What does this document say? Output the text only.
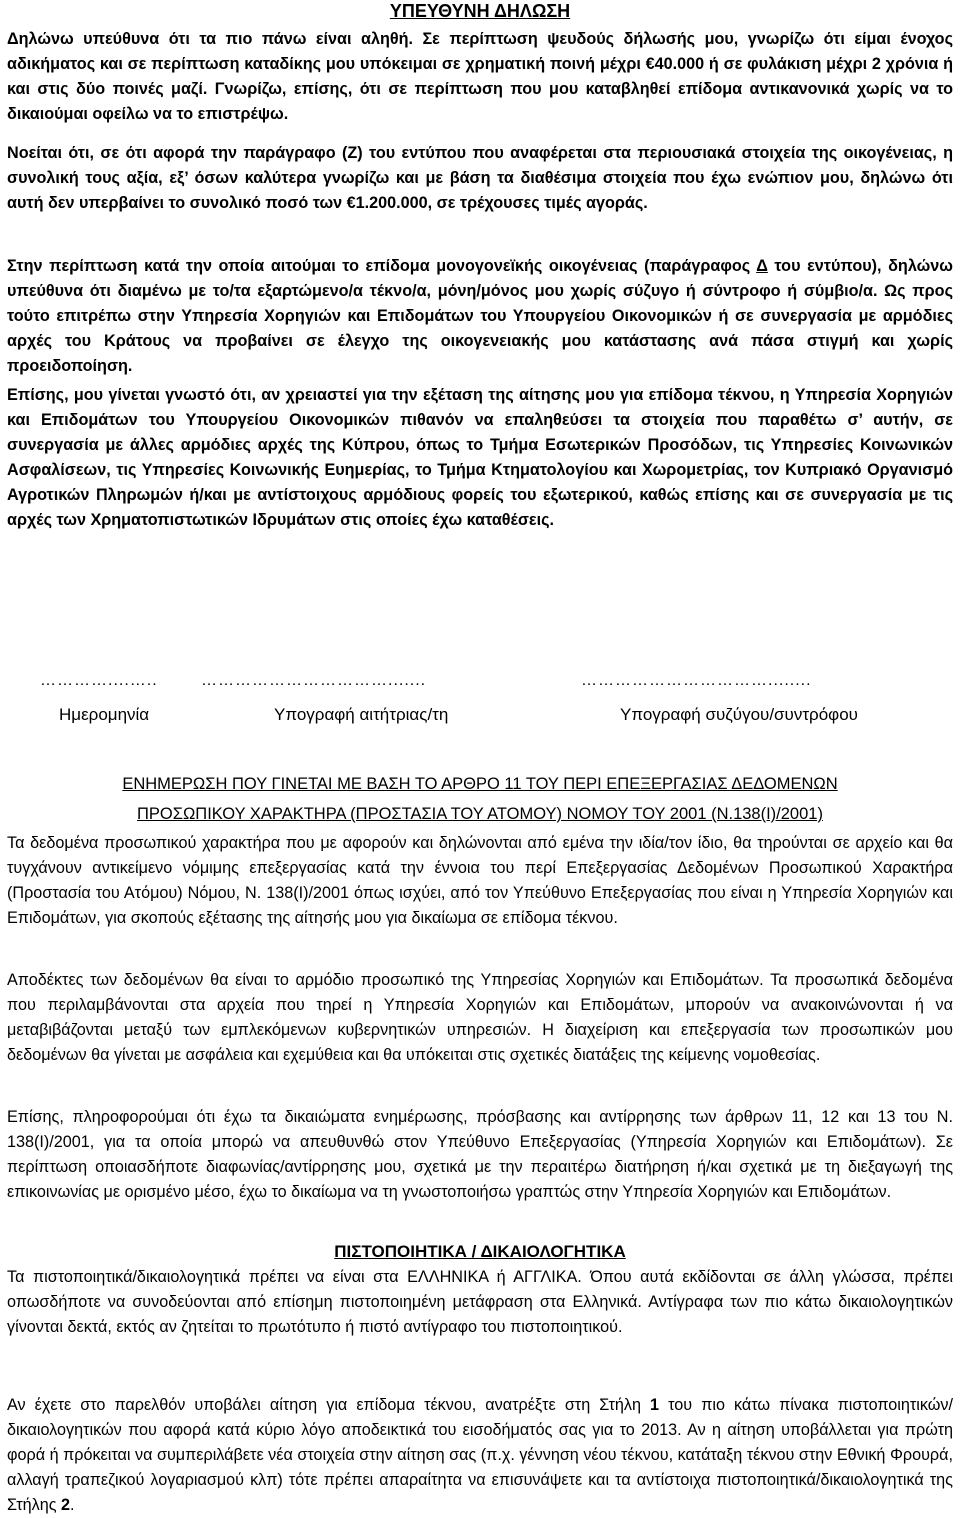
ΥΠΕΥΘΥΝΗ ΔΗΛΩΣΗ

Δηλώνω υπεύθυνα ότι τα πιο πάνω είναι αληθή. Σε περίπτωση ψευδούς δήλωσής μου, γνωρίζω ότι είμαι ένοχος αδικήματος και σε περίπτωση καταδίκης μου υπόκειμαι σε χρηματική ποινή μέχρι €40.000 ή σε φυλάκιση μέχρι 2 χρόνια ή και στις δύο ποινές μαζί. Γνωρίζω, επίσης, ότι σε περίπτωση που μου καταβληθεί επίδομα αντικανονικά χωρίς να το δικαιούμαι οφείλω να το επιστρέψω.

Νοείται ότι, σε ότι αφορά την παράγραφο (Ζ) του εντύπου που αναφέρεται στα περιουσιακά στοιχεία της οικογένειας, η συνολική τους αξία, εξ’ όσων καλύτερα γνωρίζω και με βάση τα διαθέσιμα στοιχεία που έχω ενώπιον μου, δηλώνω ότι αυτή δεν υπερβαίνει το συνολικό ποσό των €1.200.000, σε τρέχουσες τιμές αγοράς.

Στην περίπτωση κατά την οποία αιτούμαι το επίδομα μονογονεϊκής οικογένειας (παράγραφος Δ του εντύπου), δηλώνω υπεύθυνα ότι διαμένω με το/τα εξαρτώμενο/α τέκνο/α, μόνη/μόνος μου χωρίς σύζυγο ή σύντροφο ή σύμβιο/α. Ως προς τούτο επιτρέπω στην Υπηρεσία Χορηγιών και Επιδομάτων του Υπουργείου Οικονομικών ή σε συνεργασία με αρμόδιες αρχές του Κράτους να προβαίνει σε έλεγχο της οικογενειακής μου κατάστασης ανά πάσα στιγμή και χωρίς προειδοποίηση.

Επίσης, μου γίνεται γνωστό ότι, αν χρειαστεί για την εξέταση της αίτησης μου για επίδομα τέκνου, η Υπηρεσία Χορηγιών και Επιδομάτων του Υπουργείου Οικονομικών πιθανόν να επαληθεύσει τα στοιχεία που παραθέτω σ’ αυτήν, σε συνεργασία με άλλες αρμόδιες αρχές της Κύπρου, όπως το Τμήμα Εσωτερικών Προσόδων, τις Υπηρεσίες Κοινωνικών Ασφαλίσεων, τις Υπηρεσίες Κοινωνικής Ευημερίας, το Τμήμα Κτηματολογίου και Χωρομετρίας, τον Κυπριακό Οργανισμό Αγροτικών Πληρωμών ή/και με αντίστοιχους αρμόδιους φορείς του εξωτερικού, καθώς επίσης και σε συνεργασία με τις αρχές των Χρηματοπιστωτικών Ιδρυμάτων στις οποίες έχω καταθέσεις.

…………....…..	…………………………….......	……………………………........
Ημερομηνία	Υπογραφή αιτήτριας/τη	Υπογραφή συζύγου/συντρόφου
ΕΝΗΜΕΡΩΣΗ ΠΟΥ ΓΙΝΕΤΑΙ ΜΕ ΒΑΣΗ ΤΟ ΑΡΘΡΟ 11 ΤΟΥ ΠΕΡΙ ΕΠΕΞΕΡΓΑΣΙΑΣ ΔΕΔΟΜΕΝΩΝ
ΠΡΟΣΩΠΙΚΟΥ ΧΑΡΑΚΤΗΡΑ (ΠΡΟΣΤΑΣΙΑ ΤΟΥ ΑΤΟΜΟΥ) ΝΟΜΟΥ ΤΟΥ 2001 (Ν.138(Ι)/2001)

Τα δεδομένα προσωπικού χαρακτήρα που με αφορούν και δηλώνονται από εμένα την ιδία/τον ίδιο, θα τηρούνται σε αρχείο και θα τυγχάνουν αντικείμενο νόμιμης επεξεργασίας κατά την έννοια του περί Επεξεργασίας Δεδομένων Προσωπικού Χαρακτήρα (Προστασία του Ατόμου) Νόμου, Ν. 138(Ι)/2001 όπως ισχύει, από τον Υπεύθυνο Επεξεργασίας που είναι η Υπηρεσία Χορηγιών και Επιδομάτων, για σκοπούς εξέτασης της αίτησής μου για δικαίωμα σε επίδομα τέκνου.

Αποδέκτες των δεδομένων θα είναι το αρμόδιο προσωπικό της Υπηρεσίας Χορηγιών και Επιδομάτων. Τα προσωπικά δεδομένα που περιλαμβάνονται στα αρχεία που τηρεί η Υπηρεσία Χορηγιών και Επιδομάτων, μπορούν να ανακοινώνονται ή να μεταβιβάζονται μεταξύ των εμπλεκόμενων κυβερνητικών υπηρεσιών. Η διαχείριση και επεξεργασία των προσωπικών μου δεδομένων θα γίνεται με ασφάλεια και εχεμύθεια και θα υπόκειται στις σχετικές διατάξεις της κείμενης νομοθεσίας.

Επίσης, πληροφορούμαι ότι έχω τα δικαιώματα ενημέρωσης, πρόσβασης και αντίρρησης των άρθρων 11, 12 και 13 του Ν. 138(Ι)/2001, για τα οποία μπορώ να απευθυνθώ στον Υπεύθυνο Επεξεργασίας (Υπηρεσία Χορηγιών και Επιδομάτων). Σε περίπτωση οποιασδήποτε διαφωνίας/αντίρρησης μου, σχετικά με την περαιτέρω διατήρηση ή/και σχετικά με τη διεξαγωγή της επικοινωνίας με ορισμένο μέσο, έχω το δικαίωμα να τη γνωστοποιήσω γραπτώς στην Υπηρεσία Χορηγιών και Επιδομάτων.

ΠΙΣΤΟΠΟΙΗΤΙΚΑ / ΔΙΚΑΙΟΛΟΓΗΤΙΚΑ

Τα πιστοποιητικά/δικαιολογητικά πρέπει να είναι στα ΕΛΛΗΝΙΚΑ ή ΑΓΓΛΙΚΑ. Όπου αυτά εκδίδονται σε άλλη γλώσσα, πρέπει οπωσδήποτε να συνοδεύονται από επίσημη πιστοποιημένη μετάφραση στα Ελληνικά. Αντίγραφα των πιο κάτω δικαιολογητικών γίνονται δεκτά, εκτός αν ζητείται το πρωτότυπο ή πιστό αντίγραφο του πιστοποιητικού.

Αν έχετε στο παρελθόν υποβάλει αίτηση για επίδομα τέκνου, ανατρέξτε στη Στήλη 1 του πιο κάτω πίνακα πιστοποιητικών/δικαιολογητικών που αφορά κατά κύριο λόγο αποδεικτικά του εισοδήματός σας για το 2013. Αν η αίτηση υποβάλλεται για πρώτη φορά ή πρόκειται να συμπεριλάβετε νέα στοιχεία στην αίτηση σας (π.χ. γέννηση νέου τέκνου, κατάταξη τέκνου στην Εθνική Φρουρά, αλλαγή τραπεζικού λογαριασμού κλπ) τότε πρέπει απαραίτητα να επισυνάψετε και τα αντίστοιχα πιστοποιητικά/δικαιολογητικά της Στήλης 2.
